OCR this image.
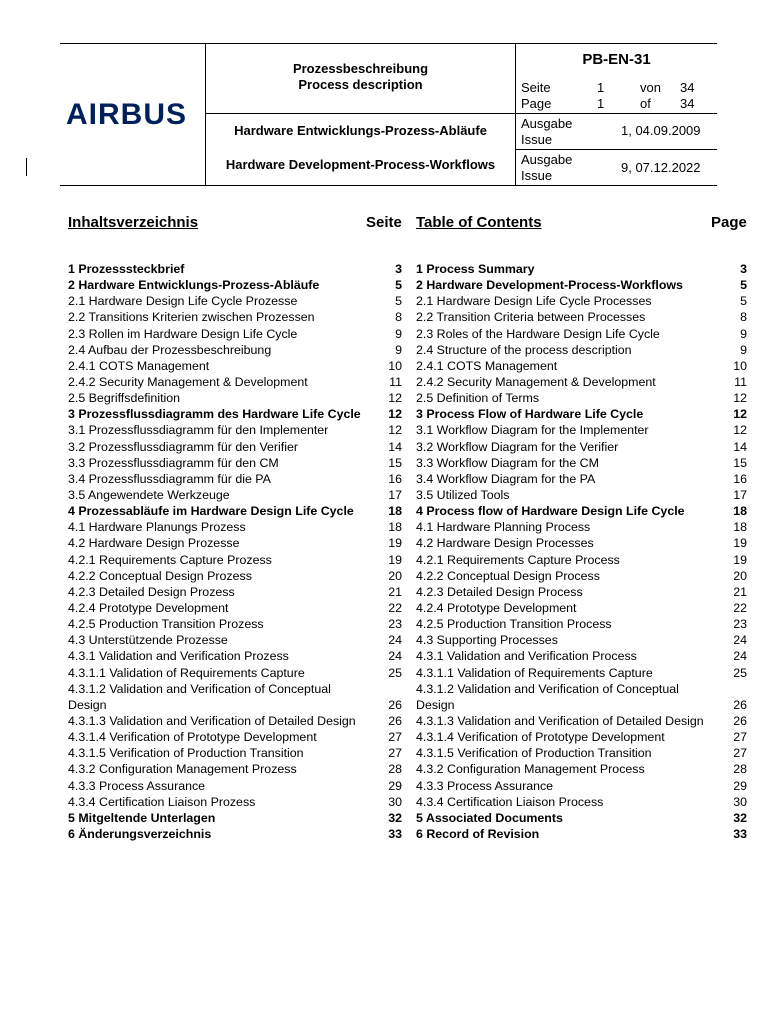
AIRBUS
Prozessbeschreibung
Process description
Hardware Entwicklungs-Prozess-Abläufe
Hardware Development-Process-Workflows
PB-EN-31
Seite	1	von 34
Page	1	of 34
Ausgabe
Issue
1, 04.09.2009
Ausgabe
Issue
9, 07.12.2022
Inhaltsverzeichnis	Seite
1 Prozesssteckbrief	3
2 Hardware Entwicklungs-Prozess-Abläufe	5
2.1 Hardware Design Life Cycle Prozesse	5
2.2 Transitions Kriterien zwischen Prozessen	8
2.3 Rollen im Hardware Design Life Cycle	9
2.4 Aufbau der Prozessbeschreibung	9
2.4.1 COTS Management	10
2.4.2 Security Management & Development	11
2.5 Begriffsdefinition	12
3 Prozessflussdiagramm des Hardware Life Cycle 12
3.1 Prozessflussdiagramm für den Implementer	12
3.2 Prozessflussdiagramm für den Verifier	14
3.3 Prozessflussdiagramm für den CM	15
3.4 Prozessflussdiagramm für die PA	16
3.5 Angewendete Werkzeuge	17
4 Prozessabläufe im Hardware Design Life Cycle	18
4.1 Hardware Planungs Prozess	18
4.2 Hardware Design Prozesse	19
4.2.1 Requirements Capture Prozess	19
4.2.2 Conceptual Design Prozess	20
4.2.3 Detailed Design Prozess	21
4.2.4 Prototype Development	22
4.2.5 Production Transition Prozess	23
4.3 Unterstützende Prozesse	24
4.3.1 Validation and Verification Prozess	24
4.3.1.1 Validation of Requirements Capture	25
4.3.1.2 Validation and Verification of Conceptual
Design	26
4.3.1.3 Validation and Verification of Detailed Design	26
4.3.1.4 Verification of Prototype Development	27
4.3.1.5 Verification of Production Transition	27
4.3.2 Configuration Management Prozess	28
4.3.3 Process Assurance	29
4.3.4 Certification Liaison Prozess	30
5 Mitgeltende Unterlagen	32
6 Änderungsverzeichnis	33
Table of Contents	Page
1 Process Summary	3
2 Hardware Development-Process-Workflows	5
2.1 Hardware Design Life Cycle Processes	5
2.2 Transition Criteria between Processes	8
2.3 Roles of the Hardware Design Life Cycle	9
2.4 Structure of the process description	9
2.4.1 COTS Management	10
2.4.2 Security Management & Development	11
2.5 Definition of Terms	12
3 Process Flow of Hardware Life Cycle	12
3.1 Workflow Diagram for the Implementer	12
3.2 Workflow Diagram for the Verifier	14
3.3 Workflow Diagram for the CM	15
3.4 Workflow Diagram for the PA	16
3.5 Utilized Tools	17
4 Process flow of Hardware Design Life Cycle	18
4.1 Hardware Planning Process	18
4.2 Hardware Design Processes	19
4.2.1 Requirements Capture Process	19
4.2.2 Conceptual Design Process	20
4.2.3 Detailed Design Process	21
4.2.4 Prototype Development	22
4.2.5 Production Transition Process	23
4.3 Supporting Processes	24
4.3.1 Validation and Verification Process	24
4.3.1.1 Validation of Requirements Capture	25
4.3.1.2 Validation and Verification of Conceptual
Design	26
4.3.1.3 Validation and Verification of Detailed Design 26
4.3.1.4 Verification of Prototype Development	27
4.3.1.5 Verification of Production Transition	27
4.3.2 Configuration Management Process	28
4.3.3 Process Assurance	29
4.3.4 Certification Liaison Process	30
5 Associated Documents	32
6 Record of Revision	33
